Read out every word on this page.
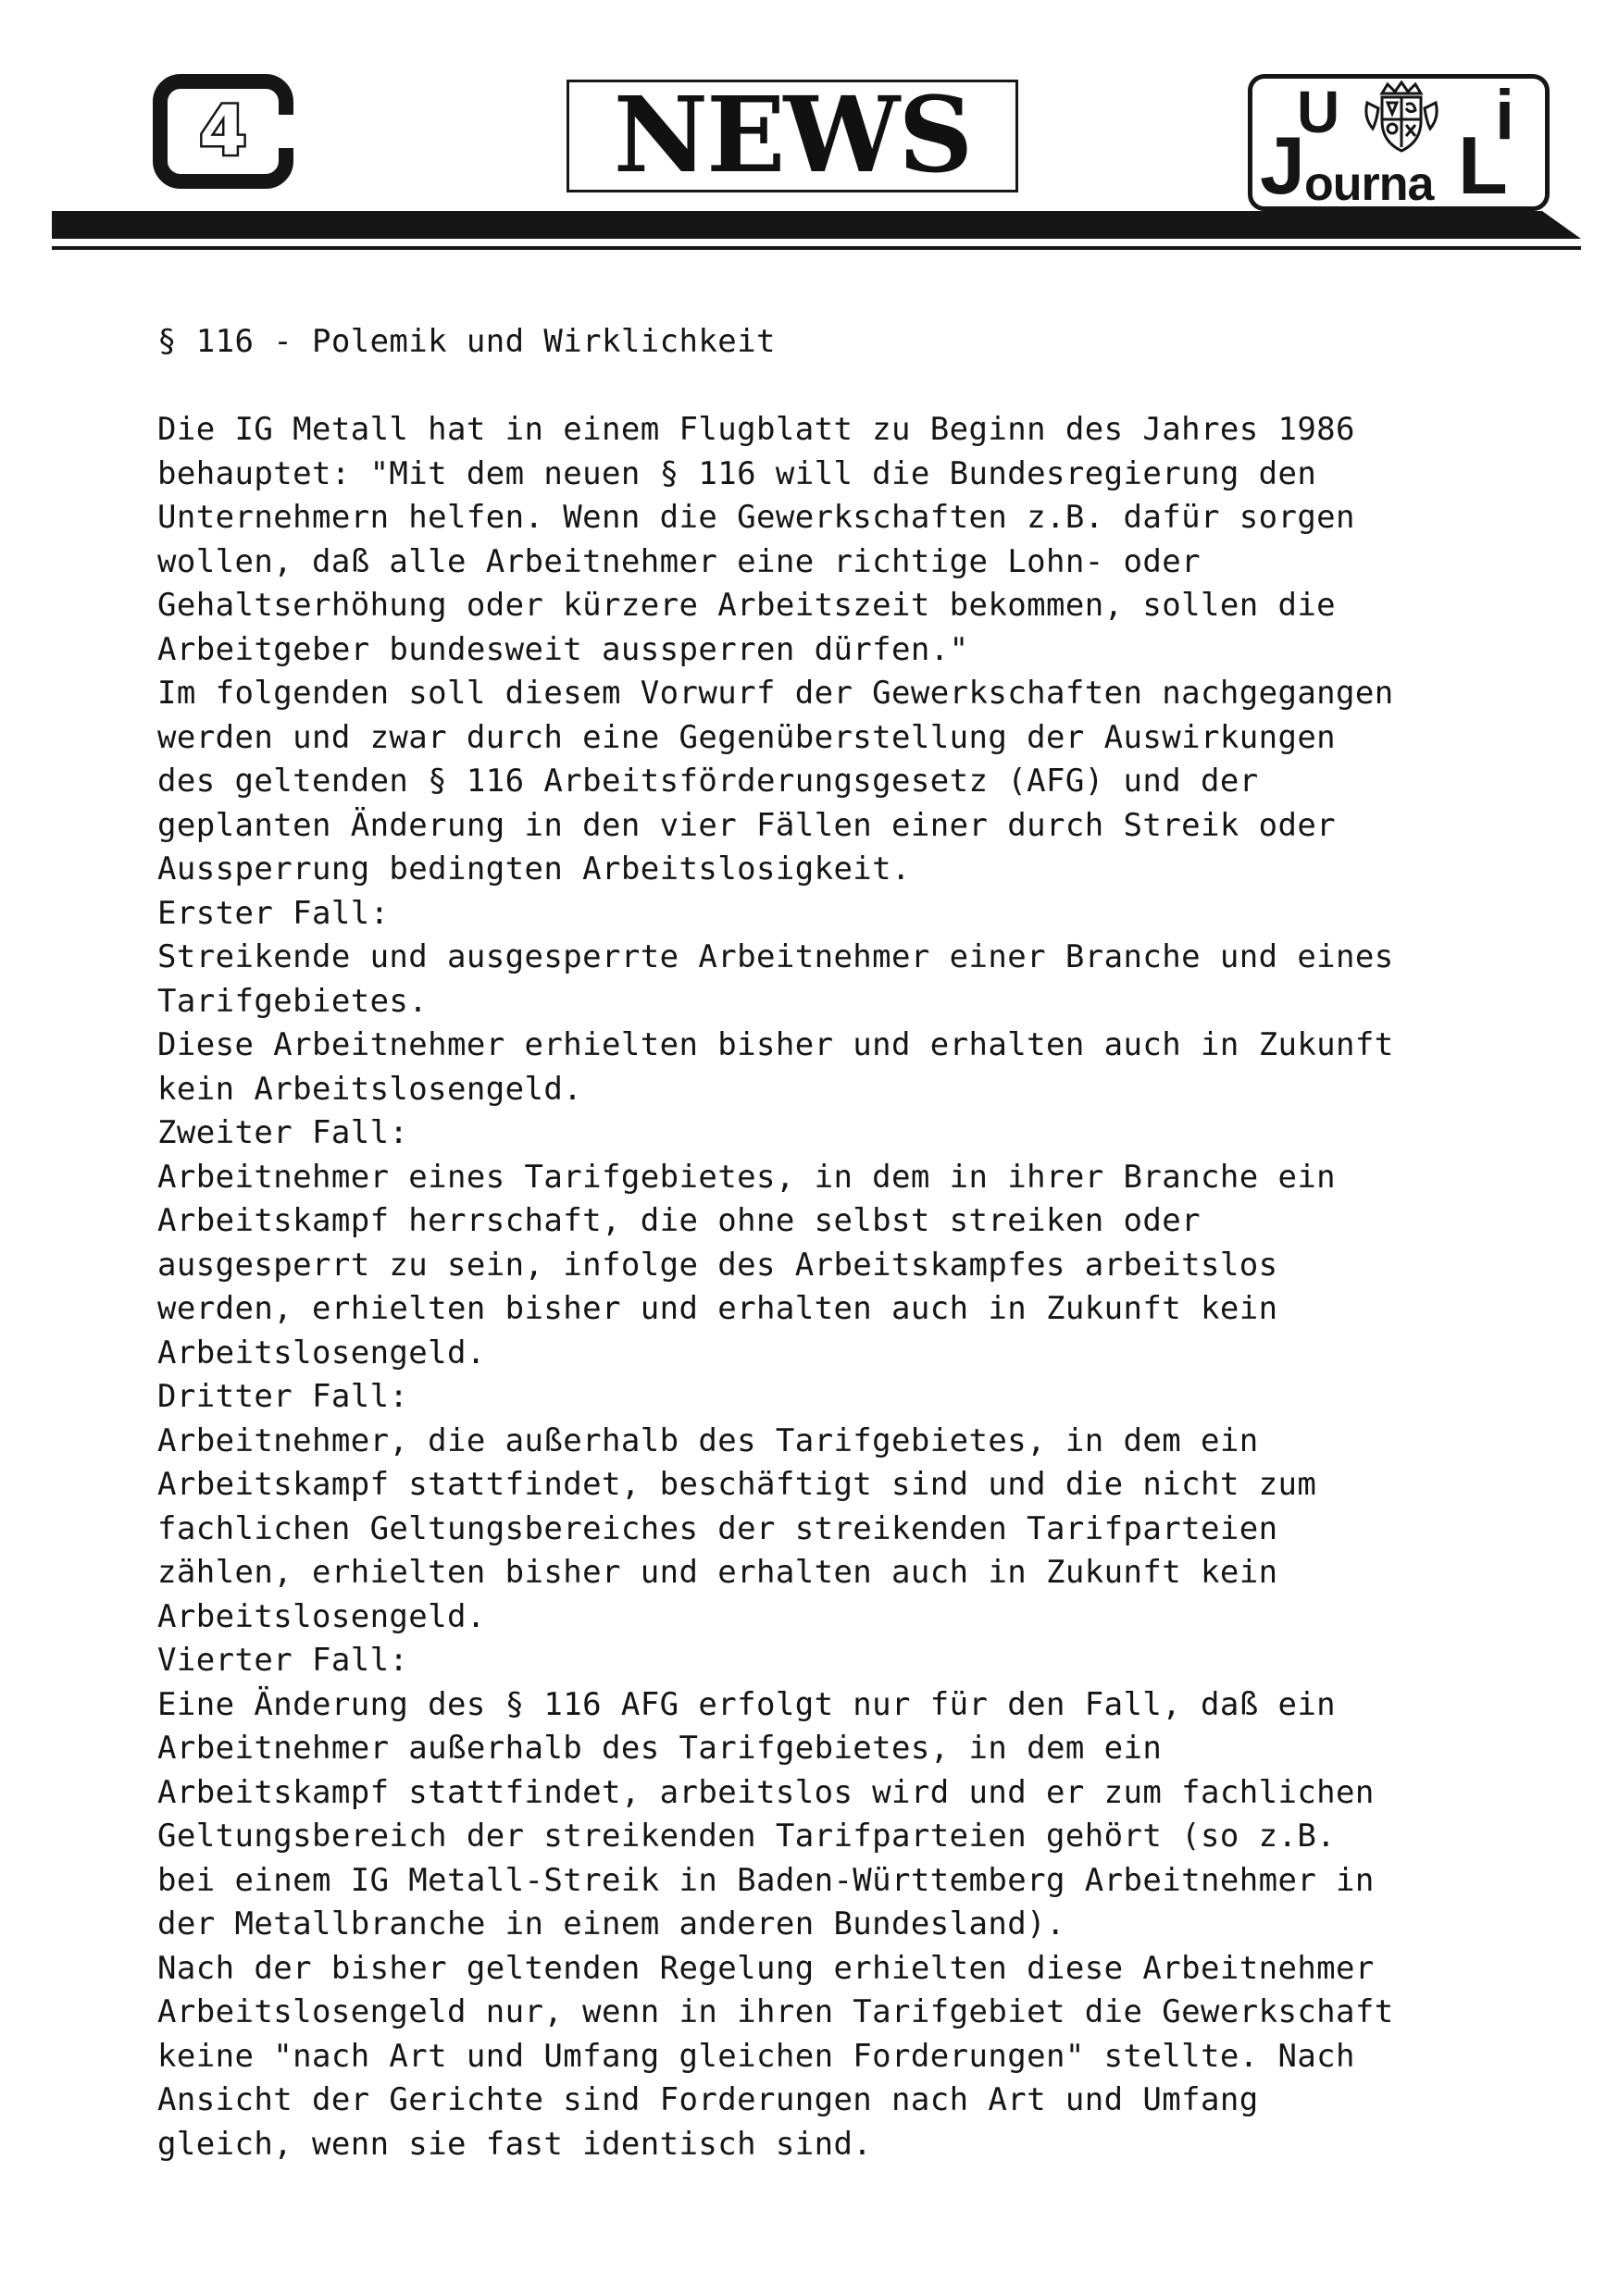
4	NEWS	J
U
L
i
ourna
§ 116 - Polemik und Wirklichkeit
Die IG Metall hat in einem Flugblatt zu Beginn des Jahres 1986
behauptet: "Mit dem neuen § 116 will die Bundesregierung den
Unternehmern helfen. Wenn die Gewerkschaften z.B. dafür sorgen
wollen, daß alle Arbeitnehmer eine richtige Lohn- oder
Gehaltserhöhung oder kürzere Arbeitszeit bekommen, sollen die
Arbeitgeber bundesweit aussperren dürfen."
Im folgenden soll diesem Vorwurf der Gewerkschaften nachgegangen
werden und zwar durch eine Gegenüberstellung der Auswirkungen
des geltenden § 116 Arbeitsförderungsgesetz (AFG) und der
geplanten Änderung in den vier Fällen einer durch Streik oder
Aussperrung bedingten Arbeitslosigkeit.
Erster Fall:
Streikende und ausgesperrte Arbeitnehmer einer Branche und eines
Tarifgebietes.
Diese Arbeitnehmer erhielten bisher und erhalten auch in Zukunft
kein Arbeitslosengeld.
Zweiter Fall:
Arbeitnehmer eines Tarifgebietes, in dem in ihrer Branche ein
Arbeitskampf herrschaft, die ohne selbst streiken oder
ausgesperrt zu sein, infolge des Arbeitskampfes arbeitslos
werden, erhielten bisher und erhalten auch in Zukunft kein
Arbeitslosengeld.
Dritter Fall:
Arbeitnehmer, die außerhalb des Tarifgebietes, in dem ein
Arbeitskampf stattfindet, beschäftigt sind und die nicht zum
fachlichen Geltungsbereiches der streikenden Tarifparteien
zählen, erhielten bisher und erhalten auch in Zukunft kein
Arbeitslosengeld.
Vierter Fall:
Eine Änderung des § 116 AFG erfolgt nur für den Fall, daß ein
Arbeitnehmer außerhalb des Tarifgebietes, in dem ein
Arbeitskampf stattfindet, arbeitslos wird und er zum fachlichen
Geltungsbereich der streikenden Tarifparteien gehört (so z.B.
bei einem IG Metall-Streik in Baden-Württemberg Arbeitnehmer in
der Metallbranche in einem anderen Bundesland).
Nach der bisher geltenden Regelung erhielten diese Arbeitnehmer
Arbeitslosengeld nur, wenn in ihren Tarifgebiet die Gewerkschaft
keine "nach Art und Umfang gleichen Forderungen" stellte. Nach
Ansicht der Gerichte sind Forderungen nach Art und Umfang
gleich, wenn sie fast identisch sind.
